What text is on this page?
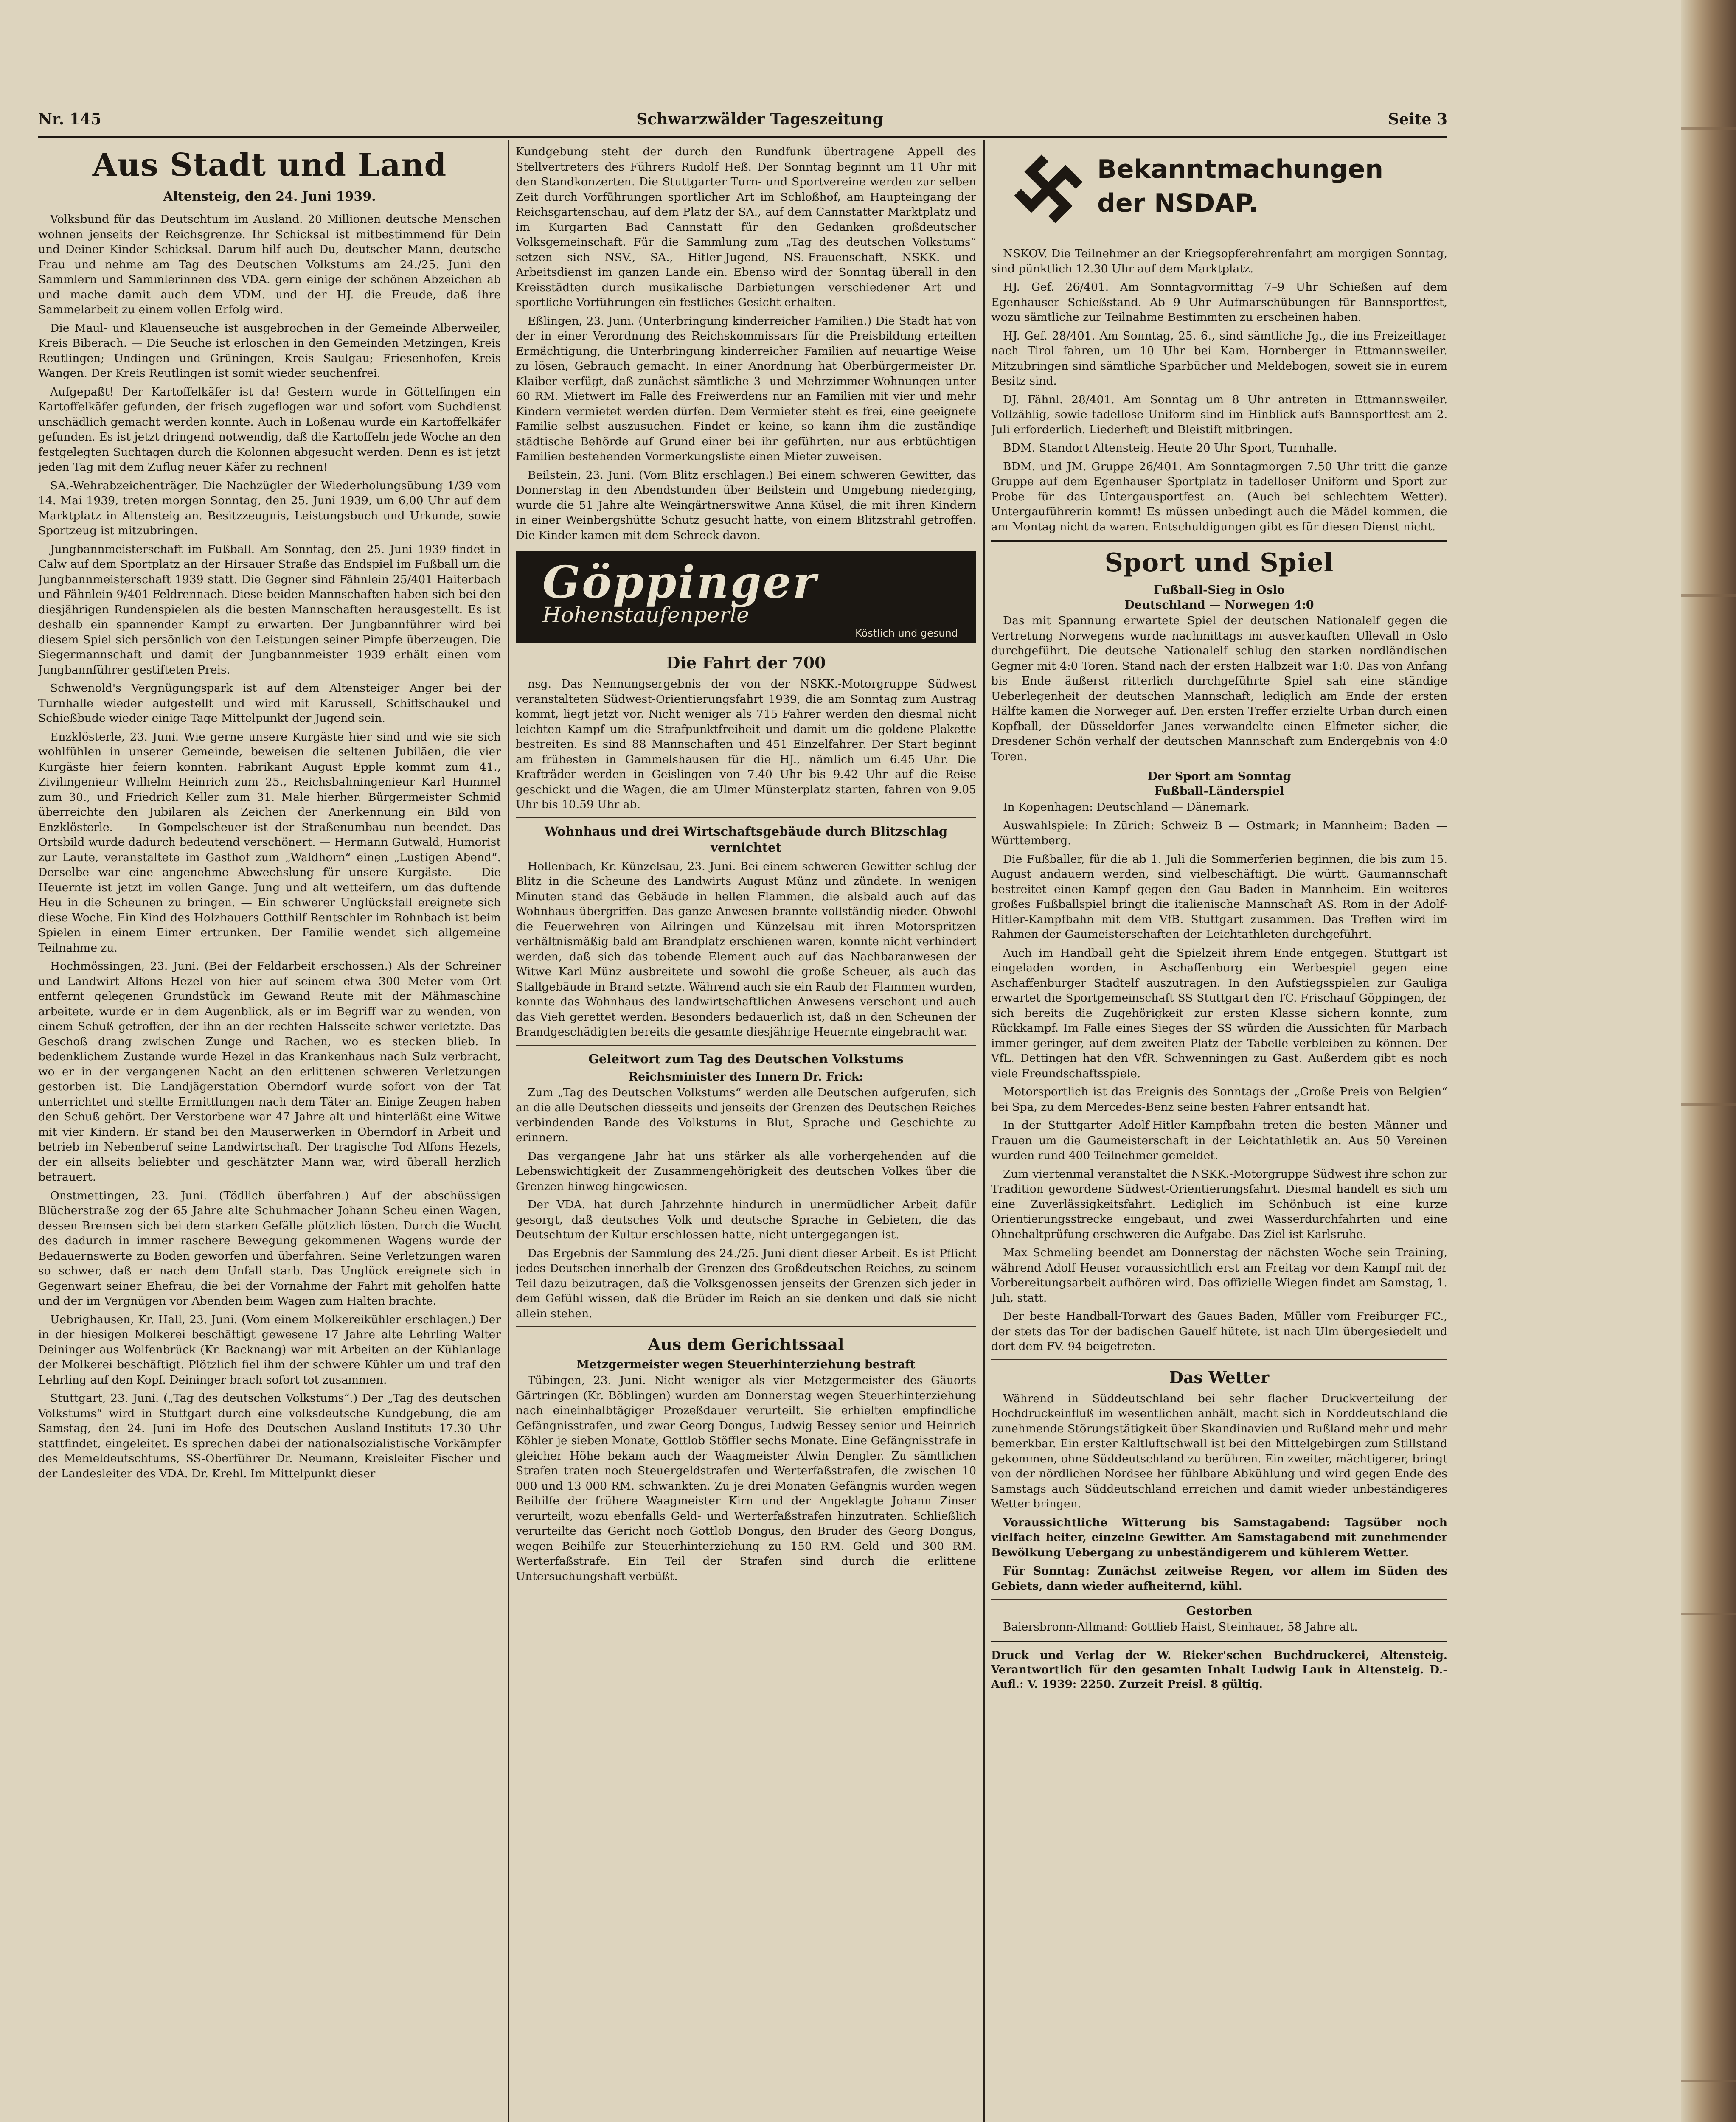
Nr. 145	Schwarzwälder Tageszeitung	Seite 3
Aus Stadt und Land
Altensteig, den 24. Juni 1939.

Volksbund für das Deutschtum im Ausland. 20 Millionen deutsche Menschen wohnen jenseits der Reichsgrenze. Ihr Schicksal ist mitbestimmend für Dein und Deiner Kinder Schicksal. Darum hilf auch Du, deutscher Mann, deutsche Frau und nehme am Tag des Deutschen Volkstums am 24./25. Juni den Sammlern und Sammlerinnen des VDA. gern einige der schönen Abzeichen ab und mache damit auch dem VDM. und der HJ. die Freude, daß ihre Sammelarbeit zu einem vollen Erfolg wird.

Die Maul- und Klauenseuche ist ausgebrochen in der Gemeinde Alberweiler, Kreis Biberach. — Die Seuche ist erloschen in den Gemeinden Metzingen, Kreis Reutlingen; Undingen und Grüningen, Kreis Saulgau; Friesenhofen, Kreis Wangen. Der Kreis Reutlingen ist somit wieder seuchenfrei.

Aufgepaßt! Der Kartoffelkäfer ist da! Gestern wurde in Göttelfingen ein Kartoffelkäfer gefunden, der frisch zugeflogen war und sofort vom Suchdienst unschädlich gemacht werden konnte. Auch in Loßenau wurde ein Kartoffelkäfer gefunden. Es ist jetzt dringend notwendig, daß die Kartoffeln jede Woche an den festgelegten Suchtagen durch die Kolonnen abgesucht werden. Denn es ist jetzt jeden Tag mit dem Zuflug neuer Käfer zu rechnen!

SA.-Wehrabzeichenträger. Die Nachzügler der Wiederholungsübung 1/39 vom 14. Mai 1939, treten morgen Sonntag, den 25. Juni 1939, um 6,00 Uhr auf dem Marktplatz in Altensteig an. Besitzzeugnis, Leistungsbuch und Urkunde, sowie Sportzeug ist mitzubringen.

Jungbannmeisterschaft im Fußball. Am Sonntag, den 25. Juni 1939 findet in Calw auf dem Sportplatz an der Hirsauer Straße das Endspiel im Fußball um die Jungbannmeisterschaft 1939 statt. Die Gegner sind Fähnlein 25/401 Haiterbach und Fähnlein 9/401 Feldrennach. Diese beiden Mannschaften haben sich bei den diesjährigen Rundenspielen als die besten Mannschaften herausgestellt. Es ist deshalb ein spannender Kampf zu erwarten. Der Jungbannführer wird bei diesem Spiel sich persönlich von den Leistungen seiner Pimpfe überzeugen. Die Siegermannschaft und damit der Jungbannmeister 1939 erhält einen vom Jungbannführer gestifteten Preis.

Schwenold's Vergnügungspark ist auf dem Altensteiger Anger bei der Turnhalle wieder aufgestellt und wird mit Karussell, Schiffschaukel und Schießbude wieder einige Tage Mittelpunkt der Jugend sein.

Enzklösterle, 23. Juni. Wie gerne unsere Kurgäste hier sind und wie sie sich wohlfühlen in unserer Gemeinde, beweisen die seltenen Jubiläen, die vier Kurgäste hier feiern konnten. Fabrikant August Epple kommt zum 41., Zivilingenieur Wilhelm Heinrich zum 25., Reichsbahningenieur Karl Hummel zum 30., und Friedrich Keller zum 31. Male hierher. Bürgermeister Schmid überreichte den Jubilaren als Zeichen der Anerkennung ein Bild von Enzklösterle. — In Gompelscheuer ist der Straßenumbau nun beendet. Das Ortsbild wurde dadurch bedeutend verschönert. — Hermann Gutwald, Humorist zur Laute, veranstaltete im Gasthof zum „Waldhorn“ einen „Lustigen Abend“. Derselbe war eine angenehme Abwechslung für unsere Kurgäste. — Die Heuernte ist jetzt im vollen Gange. Jung und alt wetteifern, um das duftende Heu in die Scheunen zu bringen. — Ein schwerer Unglücksfall ereignete sich diese Woche. Ein Kind des Holzhauers Gotthilf Rentschler im Rohnbach ist beim Spielen in einem Eimer ertrunken. Der Familie wendet sich allgemeine Teilnahme zu.

Hochmössingen, 23. Juni. (Bei der Feldarbeit erschossen.) Als der Schreiner und Landwirt Alfons Hezel von hier auf seinem etwa 300 Meter vom Ort entfernt gelegenen Grundstück im Gewand Reute mit der Mähmaschine arbeitete, wurde er in dem Augenblick, als er im Begriff war zu wenden, von einem Schuß getroffen, der ihn an der rechten Halsseite schwer verletzte. Das Geschoß drang zwischen Zunge und Rachen, wo es stecken blieb. In bedenklichem Zustande wurde Hezel in das Krankenhaus nach Sulz verbracht, wo er in der vergangenen Nacht an den erlittenen schweren Verletzungen gestorben ist. Die Landjägerstation Oberndorf wurde sofort von der Tat unterrichtet und stellte Ermittlungen nach dem Täter an. Einige Zeugen haben den Schuß gehört. Der Verstorbene war 47 Jahre alt und hinterläßt eine Witwe mit vier Kindern. Er stand bei den Mauserwerken in Oberndorf in Arbeit und betrieb im Nebenberuf seine Landwirtschaft. Der tragische Tod Alfons Hezels, der ein allseits beliebter und geschätzter Mann war, wird überall herzlich betrauert.

Onstmettingen, 23. Juni. (Tödlich überfahren.) Auf der abschüssigen Blücherstraße zog der 65 Jahre alte Schuhmacher Johann Scheu einen Wagen, dessen Bremsen sich bei dem starken Gefälle plötzlich lösten. Durch die Wucht des dadurch in immer raschere Bewegung gekommenen Wagens wurde der Bedauernswerte zu Boden geworfen und überfahren. Seine Verletzungen waren so schwer, daß er nach dem Unfall starb. Das Unglück ereignete sich in Gegenwart seiner Ehefrau, die bei der Vornahme der Fahrt mit geholfen hatte und der im Vergnügen vor Abenden beim Wagen zum Halten brachte.

Uebrighausen, Kr. Hall, 23. Juni. (Vom einem Molkereikühler erschlagen.) Der in der hiesigen Molkerei beschäftigt gewesene 17 Jahre alte Lehrling Walter Deininger aus Wolfenbrück (Kr. Backnang) war mit Arbeiten an der Kühlanlage der Molkerei beschäftigt. Plötzlich fiel ihm der schwere Kühler um und traf den Lehrling auf den Kopf. Deininger brach sofort tot zusammen.

Stuttgart, 23. Juni. („Tag des deutschen Volkstums“.) Der „Tag des deutschen Volkstums“ wird in Stuttgart durch eine volksdeutsche Kundgebung, die am Samstag, den 24. Juni im Hofe des Deutschen Ausland-Instituts 17.30 Uhr stattfindet, eingeleitet. Es sprechen dabei der nationalsozialistische Vorkämpfer des Memeldeutschtums, SS-Oberführer Dr. Neumann, Kreisleiter Fischer und der Landesleiter des VDA. Dr. Krehl. Im Mittelpunkt dieser

Kundgebung steht der durch den Rundfunk übertragene Appell des Stellvertreters des Führers Rudolf Heß. Der Sonntag beginnt um 11 Uhr mit den Standkonzerten. Die Stuttgarter Turn- und Sportvereine werden zur selben Zeit durch Vorführungen sportlicher Art im Schloßhof, am Haupteingang der Reichsgartenschau, auf dem Platz der SA., auf dem Cannstatter Marktplatz und im Kurgarten Bad Cannstatt für den Gedanken großdeutscher Volksgemeinschaft. Für die Sammlung zum „Tag des deutschen Volkstums“ setzen sich NSV., SA., Hitler-Jugend, NS.-Frauenschaft, NSKK. und Arbeitsdienst im ganzen Lande ein. Ebenso wird der Sonntag überall in den Kreisstädten durch musikalische Darbietungen verschiedener Art und sportliche Vorführungen ein festliches Gesicht erhalten.

Eßlingen, 23. Juni. (Unterbringung kinderreicher Familien.) Die Stadt hat von der in einer Verordnung des Reichskommissars für die Preisbildung erteilten Ermächtigung, die Unterbringung kinderreicher Familien auf neuartige Weise zu lösen, Gebrauch gemacht. In einer Anordnung hat Oberbürgermeister Dr. Klaiber verfügt, daß zunächst sämtliche 3- und Mehrzimmer-Wohnungen unter 60 RM. Mietwert im Falle des Freiwerdens nur an Familien mit vier und mehr Kindern vermietet werden dürfen. Dem Vermieter steht es frei, eine geeignete Familie selbst auszusuchen. Findet er keine, so kann ihm die zuständige städtische Behörde auf Grund einer bei ihr geführten, nur aus erbtüchtigen Familien bestehenden Vormerkungsliste einen Mieter zuweisen.

Beilstein, 23. Juni. (Vom Blitz erschlagen.) Bei einem schweren Gewitter, das Donnerstag in den Abendstunden über Beilstein und Umgebung niederging, wurde die 51 Jahre alte Weingärtnerswitwe Anna Küsel, die mit ihren Kindern in einer Weinbergshütte Schutz gesucht hatte, von einem Blitzstrahl getroffen. Die Kinder kamen mit dem Schreck davon.

Göppinger
Hohenstaufenperle
Köstlich und gesund
Die Fahrt der 700

nsg. Das Nennungsergebnis der von der NSKK.-Motorgruppe Südwest veranstalteten Südwest-Orientierungsfahrt 1939, die am Sonntag zum Austrag kommt, liegt jetzt vor. Nicht weniger als 715 Fahrer werden den diesmal nicht leichten Kampf um die Strafpunktfreiheit und damit um die goldene Plakette bestreiten. Es sind 88 Mannschaften und 451 Einzelfahrer. Der Start beginnt am frühesten in Gammelshausen für die HJ., nämlich um 6.45 Uhr. Die Krafträder werden in Geislingen von 7.40 Uhr bis 9.42 Uhr auf die Reise geschickt und die Wagen, die am Ulmer Münsterplatz starten, fahren von 9.05 Uhr bis 10.59 Uhr ab.

Wohnhaus und drei Wirtschaftsgebäude durch Blitzschlag vernichtet

Hollenbach, Kr. Künzelsau, 23. Juni. Bei einem schweren Gewitter schlug der Blitz in die Scheune des Landwirts August Münz und zündete. In wenigen Minuten stand das Gebäude in hellen Flammen, die alsbald auch auf das Wohnhaus übergriffen. Das ganze Anwesen brannte vollständig nieder. Obwohl die Feuerwehren von Ailringen und Künzelsau mit ihren Motorspritzen verhältnismäßig bald am Brandplatz erschienen waren, konnte nicht verhindert werden, daß sich das tobende Element auch auf das Nachbaranwesen der Witwe Karl Münz ausbreitete und sowohl die große Scheuer, als auch das Stallgebäude in Brand setzte. Während auch sie ein Raub der Flammen wurden, konnte das Wohnhaus des landwirtschaftlichen Anwesens verschont und auch das Vieh gerettet werden. Besonders bedauerlich ist, daß in den Scheunen der Brandgeschädigten bereits die gesamte diesjährige Heuernte eingebracht war.

Geleitwort zum Tag des Deutschen Volkstums
Reichsminister des Innern Dr. Frick:

Zum „Tag des Deutschen Volkstums“ werden alle Deutschen aufgerufen, sich an die alle Deutschen diesseits und jenseits der Grenzen des Deutschen Reiches verbindenden Bande des Volkstums in Blut, Sprache und Geschichte zu erinnern.

Das vergangene Jahr hat uns stärker als alle vorhergehenden auf die Lebenswichtigkeit der Zusammengehörigkeit des deutschen Volkes über die Grenzen hinweg hingewiesen.

Der VDA. hat durch Jahrzehnte hindurch in unermüdlicher Arbeit dafür gesorgt, daß deutsches Volk und deutsche Sprache in Gebieten, die das Deutschtum der Kultur erschlossen hatte, nicht untergegangen ist.

Das Ergebnis der Sammlung des 24./25. Juni dient dieser Arbeit. Es ist Pflicht jedes Deutschen innerhalb der Grenzen des Großdeutschen Reiches, zu seinem Teil dazu beizutragen, daß die Volksgenossen jenseits der Grenzen sich jeder in dem Gefühl wissen, daß die Brüder im Reich an sie denken und daß sie nicht allein stehen.

Aus dem Gerichtssaal
Metzgermeister wegen Steuerhinterziehung bestraft

Tübingen, 23. Juni. Nicht weniger als vier Metzgermeister des Gäuorts Gärtringen (Kr. Böblingen) wurden am Donnerstag wegen Steuerhinterziehung nach eineinhalbtägiger Prozeßdauer verurteilt. Sie erhielten empfindliche Gefängnisstrafen, und zwar Georg Dongus, Ludwig Bessey senior und Heinrich Köhler je sieben Monate, Gottlob Stöffler sechs Monate. Eine Gefängnisstrafe in gleicher Höhe bekam auch der Waagmeister Alwin Dengler. Zu sämtlichen Strafen traten noch Steuergeldstrafen und Werterfaßstrafen, die zwischen 10 000 und 13 000 RM. schwankten. Zu je drei Monaten Gefängnis wurden wegen Beihilfe der frühere Waagmeister Kirn und der Angeklagte Johann Zinser verurteilt, wozu ebenfalls Geld- und Werterfaßstrafen hinzutraten. Schließlich verurteilte das Gericht noch Gottlob Dongus, den Bruder des Georg Dongus, wegen Beihilfe zur Steuerhinterziehung zu 150 RM. Geld- und 300 RM. Werterfaßstrafe. Ein Teil der Strafen sind durch die erlittene Untersuchungshaft verbüßt.

Bekanntmachungen
der NSDAP.

NSKOV. Die Teilnehmer an der Kriegsopferehrenfahrt am morgigen Sonntag, sind pünktlich 12.30 Uhr auf dem Marktplatz.

HJ. Gef. 26/401. Am Sonntagvormittag 7–9 Uhr Schießen auf dem Egenhauser Schießstand. Ab 9 Uhr Aufmarschübungen für Bannsportfest, wozu sämtliche zur Teilnahme Bestimmten zu erscheinen haben.

HJ. Gef. 28/401. Am Sonntag, 25. 6., sind sämtliche Jg., die ins Freizeitlager nach Tirol fahren, um 10 Uhr bei Kam. Hornberger in Ettmannsweiler. Mitzubringen sind sämtliche Sparbücher und Meldebogen, soweit sie in eurem Besitz sind.

DJ. Fähnl. 28/401. Am Sonntag um 8 Uhr antreten in Ettmannsweiler. Vollzählig, sowie tadellose Uniform sind im Hinblick aufs Bannsportfest am 2. Juli erforderlich. Liederheft und Bleistift mitbringen.

BDM. Standort Altensteig. Heute 20 Uhr Sport, Turnhalle.

BDM. und JM. Gruppe 26/401. Am Sonntagmorgen 7.50 Uhr tritt die ganze Gruppe auf dem Egenhauser Sportplatz in tadelloser Uniform und Sport zur Probe für das Untergausportfest an. (Auch bei schlechtem Wetter). Untergauführerin kommt! Es müssen unbedingt auch die Mädel kommen, die am Montag nicht da waren. Entschuldigungen gibt es für diesen Dienst nicht.

Sport und Spiel
Fußball-Sieg in Oslo
Deutschland — Norwegen 4:0

Das mit Spannung erwartete Spiel der deutschen Nationalelf gegen die Vertretung Norwegens wurde nachmittags im ausverkauften Ullevall in Oslo durchgeführt. Die deutsche Nationalelf schlug den starken nordländischen Gegner mit 4:0 Toren. Stand nach der ersten Halbzeit war 1:0. Das von Anfang bis Ende äußerst ritterlich durchgeführte Spiel sah eine ständige Ueberlegenheit der deutschen Mannschaft, lediglich am Ende der ersten Hälfte kamen die Norweger auf. Den ersten Treffer erzielte Urban durch einen Kopfball, der Düsseldorfer Janes verwandelte einen Elfmeter sicher, die Dresdener Schön verhalf der deutschen Mannschaft zum Endergebnis von 4:0 Toren.

Der Sport am Sonntag
Fußball-Länderspiel

In Kopenhagen: Deutschland — Dänemark.

Auswahlspiele: In Zürich: Schweiz B — Ostmark; in Mannheim: Baden — Württemberg.

Die Fußballer, für die ab 1. Juli die Sommerferien beginnen, die bis zum 15. August andauern werden, sind vielbeschäftigt. Die württ. Gaumannschaft bestreitet einen Kampf gegen den Gau Baden in Mannheim. Ein weiteres großes Fußballspiel bringt die italienische Mannschaft AS. Rom in der Adolf-Hitler-Kampfbahn mit dem VfB. Stuttgart zusammen. Das Treffen wird im Rahmen der Gaumeisterschaften der Leichtathleten durchgeführt.

Auch im Handball geht die Spielzeit ihrem Ende entgegen. Stuttgart ist eingeladen worden, in Aschaffenburg ein Werbespiel gegen eine Aschaffenburger Stadtelf auszutragen. In den Aufstiegsspielen zur Gauliga erwartet die Sportgemeinschaft SS Stuttgart den TC. Frischauf Göppingen, der sich bereits die Zugehörigkeit zur ersten Klasse sichern konnte, zum Rückkampf. Im Falle eines Sieges der SS würden die Aussichten für Marbach immer geringer, auf dem zweiten Platz der Tabelle verbleiben zu können. Der VfL. Dettingen hat den VfR. Schwenningen zu Gast. Außerdem gibt es noch viele Freundschaftsspiele.

Motorsportlich ist das Ereignis des Sonntags der „Große Preis von Belgien“ bei Spa, zu dem Mercedes-Benz seine besten Fahrer entsandt hat.

In der Stuttgarter Adolf-Hitler-Kampfbahn treten die besten Männer und Frauen um die Gaumeisterschaft in der Leichtathletik an. Aus 50 Vereinen wurden rund 400 Teilnehmer gemeldet.

Zum viertenmal veranstaltet die NSKK.-Motorgruppe Südwest ihre schon zur Tradition gewordene Südwest-Orientierungsfahrt. Diesmal handelt es sich um eine Zuverlässigkeitsfahrt. Lediglich im Schönbuch ist eine kurze Orientierungsstrecke eingebaut, und zwei Wasserdurchfahrten und eine Ohnehaltprüfung erschweren die Aufgabe. Das Ziel ist Karlsruhe.

Max Schmeling beendet am Donnerstag der nächsten Woche sein Training, während Adolf Heuser voraussichtlich erst am Freitag vor dem Kampf mit der Vorbereitungsarbeit aufhören wird. Das offizielle Wiegen findet am Samstag, 1. Juli, statt.

Der beste Handball-Torwart des Gaues Baden, Müller vom Freiburger FC., der stets das Tor der badischen Gauelf hütete, ist nach Ulm übergesiedelt und dort dem FV. 94 beigetreten.

Das Wetter

Während in Süddeutschland bei sehr flacher Druckverteilung der Hochdruckeinfluß im wesentlichen anhält, macht sich in Norddeutschland die zunehmende Störungstätigkeit über Skandinavien und Rußland mehr und mehr bemerkbar. Ein erster Kaltluftschwall ist bei den Mittelgebirgen zum Stillstand gekommen, ohne Süddeutschland zu berühren. Ein zweiter, mächtigerer, bringt von der nördlichen Nordsee her fühlbare Abkühlung und wird gegen Ende des Samstags auch Süddeutschland erreichen und damit wieder unbeständigeres Wetter bringen.

Voraussichtliche Witterung bis Samstagabend: Tagsüber noch vielfach heiter, einzelne Gewitter. Am Samstagabend mit zunehmender Bewölkung Uebergang zu unbeständigerem und kühlerem Wetter.

Für Sonntag: Zunächst zeitweise Regen, vor allem im Süden des Gebiets, dann wieder aufheiternd, kühl.

Gestorben

Baiersbronn-Allmand: Gottlieb Haist, Steinhauer, 58 Jahre alt.

Druck und Verlag der W. Rieker'schen Buchdruckerei, Altensteig. Verantwortlich für den gesamten Inhalt Ludwig Lauk in Altensteig. D.-Aufl.: V. 1939: 2250. Zurzeit Preisl. 8 gültig.
